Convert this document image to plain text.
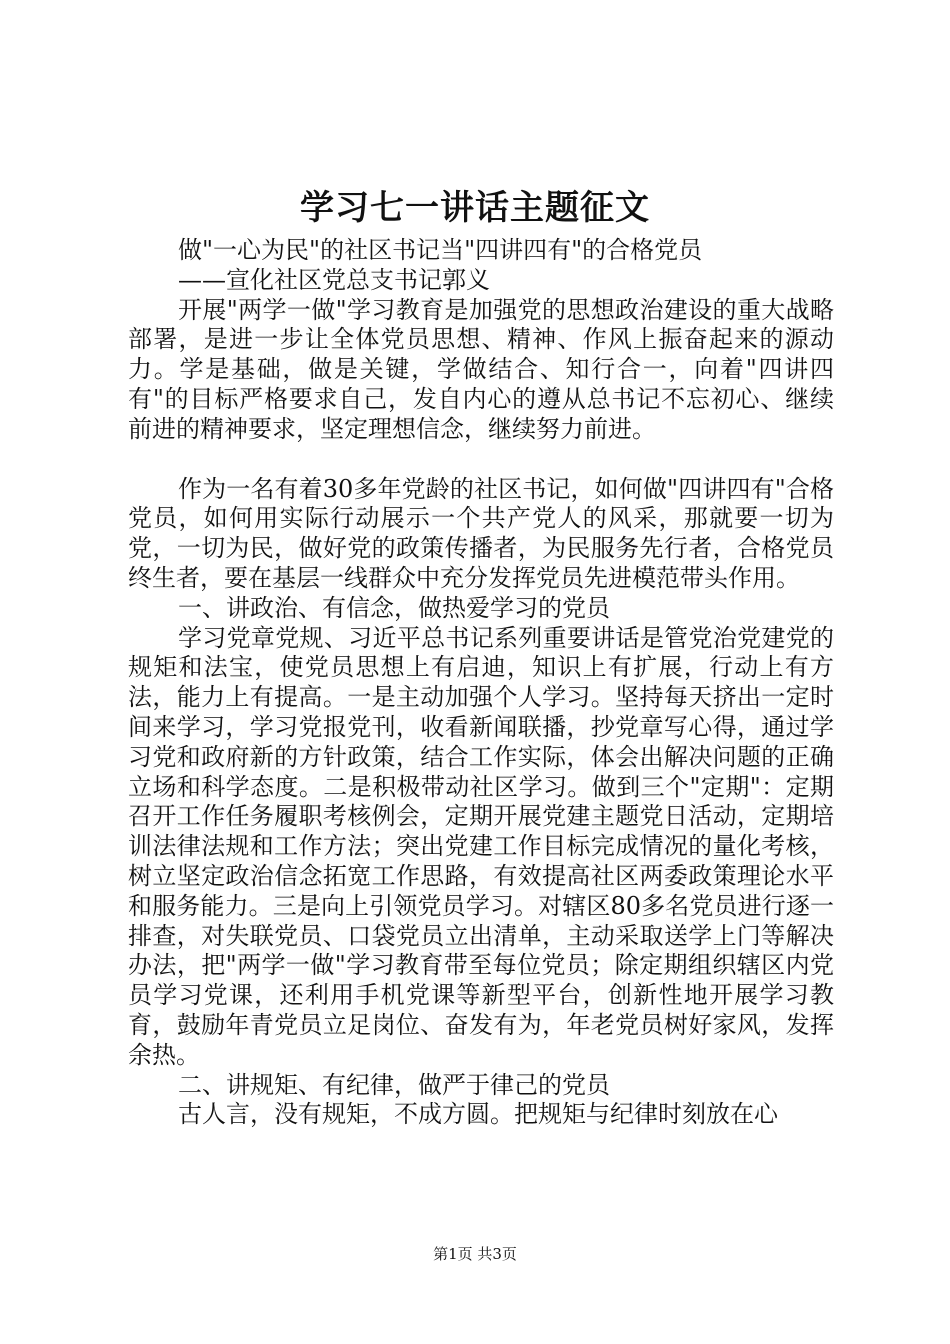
学习七一讲话主题征文

做"一心为民"的社区书记当"四讲四有"的合格党员

——宣化社区党总支书记郭义

开展"两学一做"学习教育是加强党的思想政治建设的重大战略部署，是进一步让全体党员思想、精神、作风上振奋起来的源动力。学是基础，做是关键，学做结合、知行合一，向着"四讲四有"的目标严格要求自己，发自内心的遵从总书记不忘初心、继续前进的精神要求，坚定理想信念，继续努力前进。

作为一名有着30多年党龄的社区书记，如何做"四讲四有"合格党员，如何用实际行动展示一个共产党人的风采，那就要一切为党，一切为民，做好党的政策传播者，为民服务先行者，合格党员终生者，要在基层一线群众中充分发挥党员先进模范带头作用。

一、讲政治、有信念，做热爱学习的党员

学习党章党规、习近平总书记系列重要讲话是管党治党建党的规矩和法宝，使党员思想上有启迪，知识上有扩展，行动上有方法，能力上有提高。一是主动加强个人学习。坚持每天挤出一定时间来学习，学习党报党刊，收看新闻联播，抄党章写心得，通过学习党和政府新的方针政策，结合工作实际，体会出解决问题的正确立场和科学态度。二是积极带动社区学习。做到三个"定期"：定期召开工作任务履职考核例会，定期开展党建主题党日活动，定期培训法律法规和工作方法；突出党建工作目标完成情况的量化考核，树立坚定政治信念拓宽工作思路，有效提高社区两委政策理论水平和服务能力。三是向上引领党员学习。对辖区80多名党员进行逐一排查，对失联党员、口袋党员立出清单，主动采取送学上门等解决办法，把"两学一做"学习教育带至每位党员；除定期组织辖区内党员学习党课，还利用手机党课等新型平台，创新性地开展学习教育，鼓励年青党员立足岗位、奋发有为，年老党员树好家风，发挥余热。

二、讲规矩、有纪律，做严于律己的党员

古人言，没有规矩，不成方圆。把规矩与纪律时刻放在心

第1页 共3页
